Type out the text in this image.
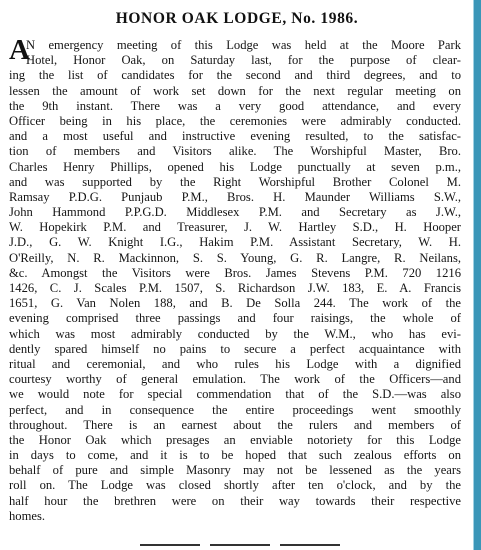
HONOR OAK LODGE, No. 1986.
A
N emergency meeting of this Lodge was held at the Moore Park
Hotel, Honor Oak, on Saturday last, for the purpose of clear-
ing the list of candidates for the second and third degrees, and to
lessen the amount of work set down for the next regular meeting on
the 9th instant. There was a very good attendance, and every
Officer being in his place, the ceremonies were admirably conducted.
and a most useful and instructive evening resulted, to the satisfac-
tion of members and Visitors alike. The Worshipful Master, Bro.
Charles Henry Phillips, opened his Lodge punctually at seven p.m.,
and was supported by the Right Worshipful Brother Colonel M.
Ramsay P.D.G. Punjaub P.M., Bros. H. Maunder Williams S.W.,
John Hammond P.P.G.D. Middlesex P.M. and Secretary as J.W.,
W. Hopekirk P.M. and Treasurer, J. W. Hartley S.D., H. Hooper
J.D., G. W. Knight I.G., Hakim P.M. Assistant Secretary, W. H.
O'Reilly, N. R. Mackinnon, S. S. Young, G. R. Langre, R. Neilans,
&c. Amongst the Visitors were Bros. James Stevens P.M. 720 1216
1426, C. J. Scales P.M. 1507, S. Richardson J.W. 183, E. A. Francis
1651, G. Van Nolen 188, and B. De Solla 244. The work of the
evening comprised three passings and four raisings, the whole of
which was most admirably conducted by the W.M., who has evi-
dently spared himself no pains to secure a perfect acquaintance with
ritual and ceremonial, and who rules his Lodge with a dignified
courtesy worthy of general emulation. The work of the Officers—and
we would note for special commendation that of the S.D.—was also
perfect, and in consequence the entire proceedings went smoothly
throughout. There is an earnest about the rulers and members of
the Honor Oak which presages an enviable notoriety for this Lodge
in days to come, and it is to be hoped that such zealous efforts on
behalf of pure and simple Masonry may not be lessened as the years
roll on. The Lodge was closed shortly after ten o'clock, and by the
half hour the brethren were on their way towards their respective
homes.
